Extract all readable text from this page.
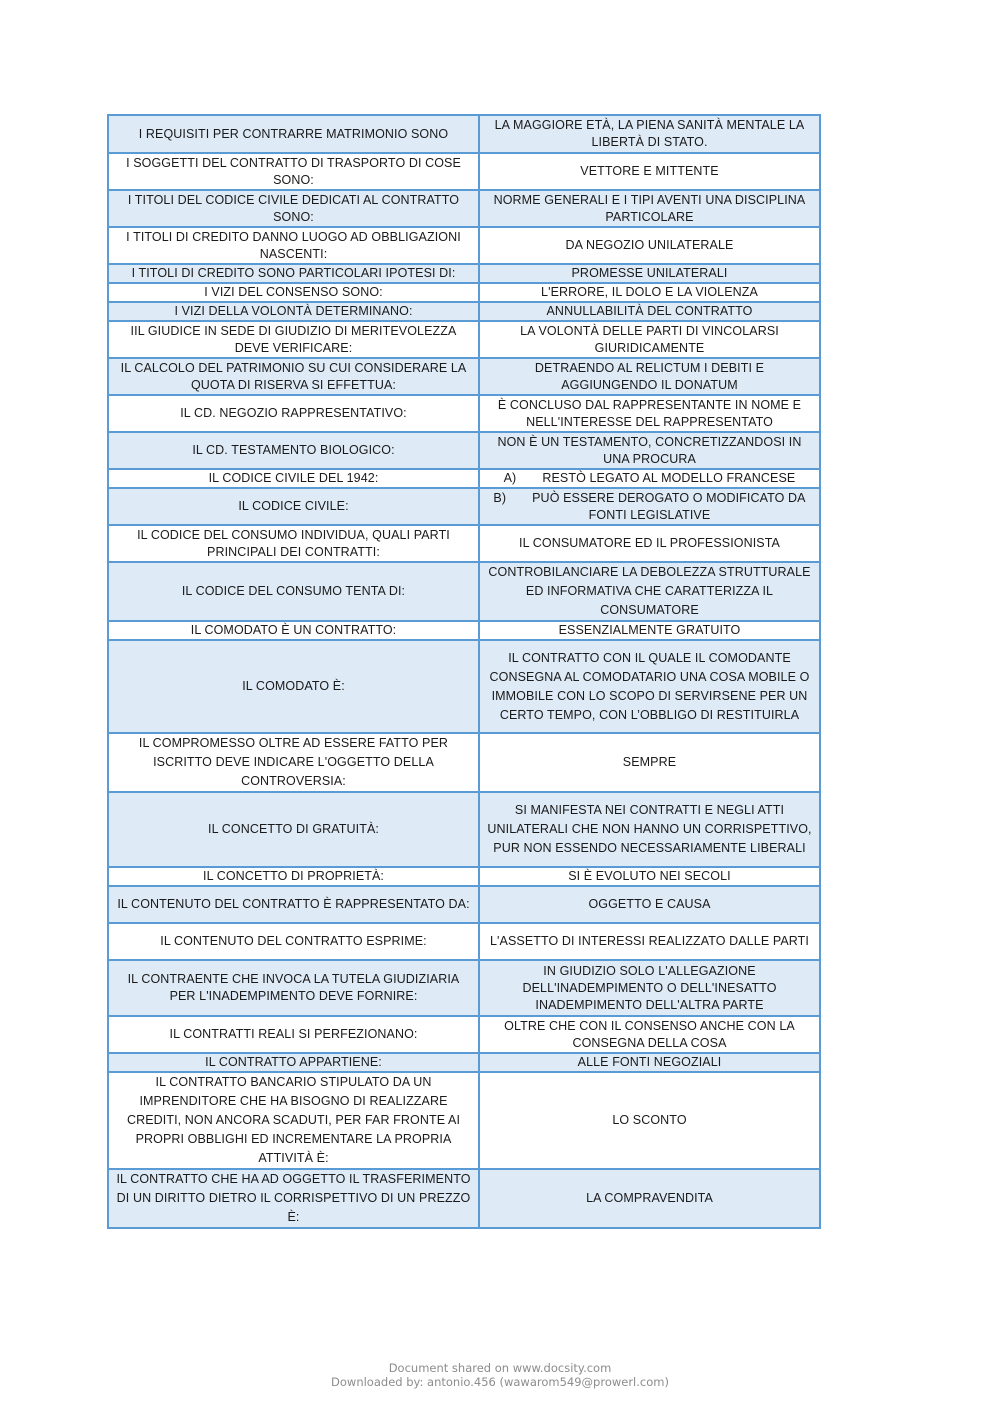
I REQUISITI PER CONTRARRE MATRIMONIO SONO	LA MAGGIORE ETÀ, LA PIENA SANITÀ MENTALE LA LIBERTÀ DI STATO.
I SOGGETTI DEL CONTRATTO DI TRASPORTO DI COSE SONO:	VETTORE E MITTENTE
I TITOLI DEL CODICE CIVILE DEDICATI AL CONTRATTO SONO:	NORME GENERALI E I TIPI AVENTI UNA DISCIPLINA PARTICOLARE
I TITOLI DI CREDITO DANNO LUOGO AD OBBLIGAZIONI NASCENTI:	DA NEGOZIO UNILATERALE
I TITOLI DI CREDITO SONO PARTICOLARI IPOTESI DI:	PROMESSE UNILATERALI
I VIZI DEL CONSENSO SONO:	L'ERRORE, IL DOLO E LA VIOLENZA
I VIZI DELLA VOLONTÀ DETERMINANO:	ANNULLABILITÀ DEL CONTRATTO
IIL GIUDICE IN SEDE DI GIUDIZIO DI MERITEVOLEZZA DEVE VERIFICARE:	LA VOLONTÀ DELLE PARTI DI VINCOLARSI GIURIDICAMENTE
IL CALCOLO DEL PATRIMONIO SU CUI CONSIDERARE LA QUOTA DI RISERVA SI EFFETTUA:	DETRAENDO AL RELICTUM I DEBITI E AGGIUNGENDO IL DONATUM
IL CD. NEGOZIO RAPPRESENTATIVO:	È CONCLUSO DAL RAPPRESENTANTE IN NOME E NELL'INTERESSE DEL RAPPRESENTATO
IL CD. TESTAMENTO BIOLOGICO:	NON È UN TESTAMENTO, CONCRETIZZANDOSI IN UNA PROCURA
IL CODICE CIVILE DEL 1942:	A) RESTÒ LEGATO AL MODELLO FRANCESE
IL CODICE CIVILE:	B) PUÒ ESSERE DEROGATO O MODIFICATO DA FONTI LEGISLATIVE
IL CODICE DEL CONSUMO INDIVIDUA, QUALI PARTI PRINCIPALI DEI CONTRATTI:	IL CONSUMATORE ED IL PROFESSIONISTA
IL CODICE DEL CONSUMO TENTA DI:	CONTROBILANCIARE LA DEBOLEZZA STRUTTURALE ED INFORMATIVA CHE CARATTERIZZA IL CONSUMATORE
IL COMODATO È UN CONTRATTO:	ESSENZIALMENTE GRATUITO
IL COMODATO È:	IL CONTRATTO CON IL QUALE IL COMODANTE CONSEGNA AL COMODATARIO UNA COSA MOBILE O IMMOBILE CON LO SCOPO DI SERVIRSENE PER UN CERTO TEMPO, CON L’OBBLIGO DI RESTITUIRLA
IL COMPROMESSO OLTRE AD ESSERE FATTO PER ISCRITTO DEVE INDICARE L'OGGETTO DELLA CONTROVERSIA:	SEMPRE
IL CONCETTO DI GRATUITÀ:	SI MANIFESTA NEI CONTRATTI E NEGLI ATTI UNILATERALI CHE NON HANNO UN CORRISPETTIVO, PUR NON ESSENDO NECESSARIAMENTE LIBERALI
IL CONCETTO DI PROPRIETÀ:	SI È EVOLUTO NEI SECOLI
IL CONTENUTO DEL CONTRATTO È RAPPRESENTATO DA:	OGGETTO E CAUSA
IL CONTENUTO DEL CONTRATTO ESPRIME:	L'ASSETTO DI INTERESSI REALIZZATO DALLE PARTI
IL CONTRAENTE CHE INVOCA LA TUTELA GIUDIZIARIA PER L'INADEMPIMENTO DEVE FORNIRE:	IN GIUDIZIO SOLO L'ALLEGAZIONE DELL'INADEMPIMENTO O DELL'INESATTO INADEMPIMENTO DELL'ALTRA PARTE
IL CONTRATTI REALI SI PERFEZIONANO:	OLTRE CHE CON IL CONSENSO ANCHE CON LA CONSEGNA DELLA COSA
IL CONTRATTO APPARTIENE:	ALLE FONTI NEGOZIALI
IL CONTRATTO BANCARIO STIPULATO DA UN IMPRENDITORE CHE HA BISOGNO DI REALIZZARE CREDITI, NON ANCORA SCADUTI, PER FAR FRONTE AI PROPRI OBBLIGHI ED INCREMENTARE LA PROPRIA ATTIVITÀ È:	LO SCONTO
IL CONTRATTO CHE HA AD OGGETTO IL TRASFERIMENTO DI UN DIRITTO DIETRO IL CORRISPETTIVO DI UN PREZZO È:	LA COMPRAVENDITA
Document shared on www.docsity.com
Downloaded by: antonio.456 (wawarom549@prowerl.com)
